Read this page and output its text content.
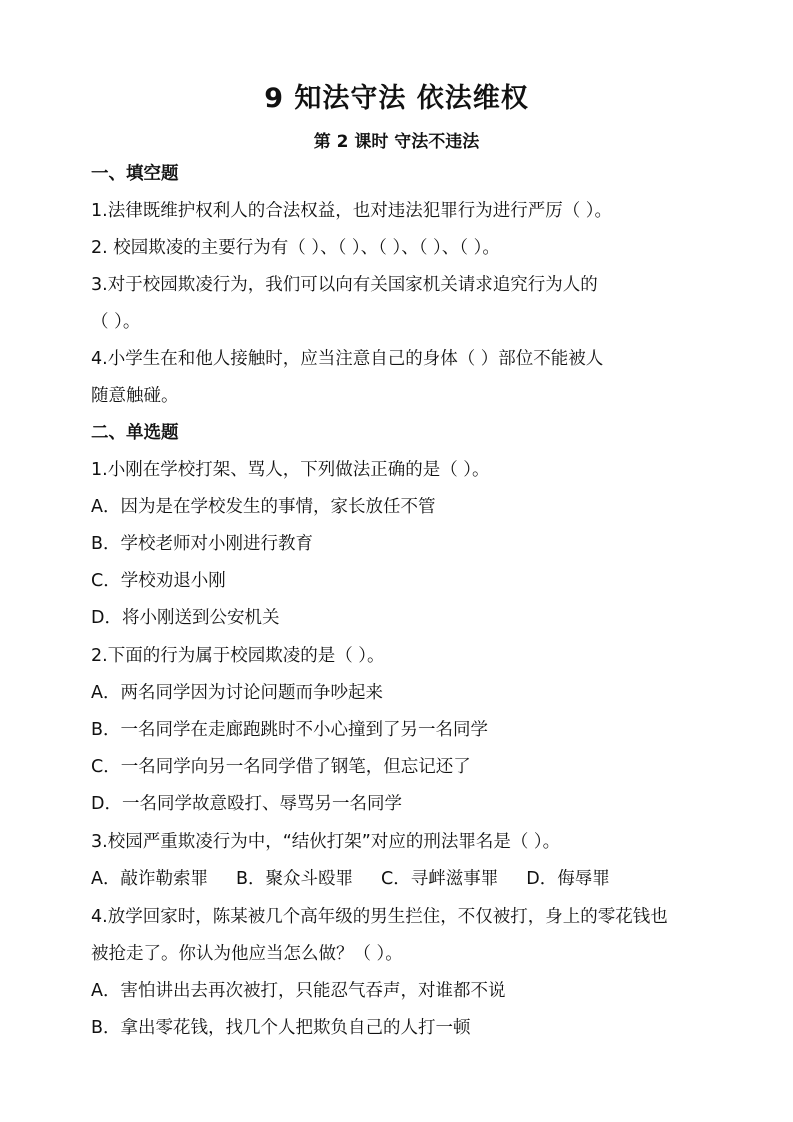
9 知法守法 依法维权
第 2 课时 守法不违法
一、填空题
1.法律既维护权利人的合法权益，也对违法犯罪行为进行严厉（ ）。
2. 校园欺凌的主要行为有（ ）、（ ）、（ ）、（ ）、（ ）。
3.对于校园欺凌行为，我们可以向有关国家机关请求追究行为人的
（ ）。
4.小学生在和他人接触时，应当注意自己的身体（ ）部位不能被人
随意触碰。
二、单选题
1.小刚在学校打架、骂人，下列做法正确的是（ ）。
A．因为是在学校发生的事情，家长放任不管
B．学校老师对小刚进行教育
C．学校劝退小刚
D．将小刚送到公安机关
2.下面的行为属于校园欺凌的是（ ）。
A．两名同学因为讨论问题而争吵起来
B．一名同学在走廊跑跳时不小心撞到了另一名同学
C．一名同学向另一名同学借了钢笔，但忘记还了
D．一名同学故意殴打、辱骂另一名同学
3.校园严重欺凌行为中，“结伙打架”对应的刑法罪名是（ ）。
A．敲诈勒索罪 B．聚众斗殴罪 C．寻衅滋事罪 D．侮辱罪
4.放学回家时，陈某被几个高年级的男生拦住，不仅被打，身上的零花钱也
被抢走了。你认为他应当怎么做？（ ）。
A．害怕讲出去再次被打，只能忍气吞声，对谁都不说
B．拿出零花钱，找几个人把欺负自己的人打一顿
